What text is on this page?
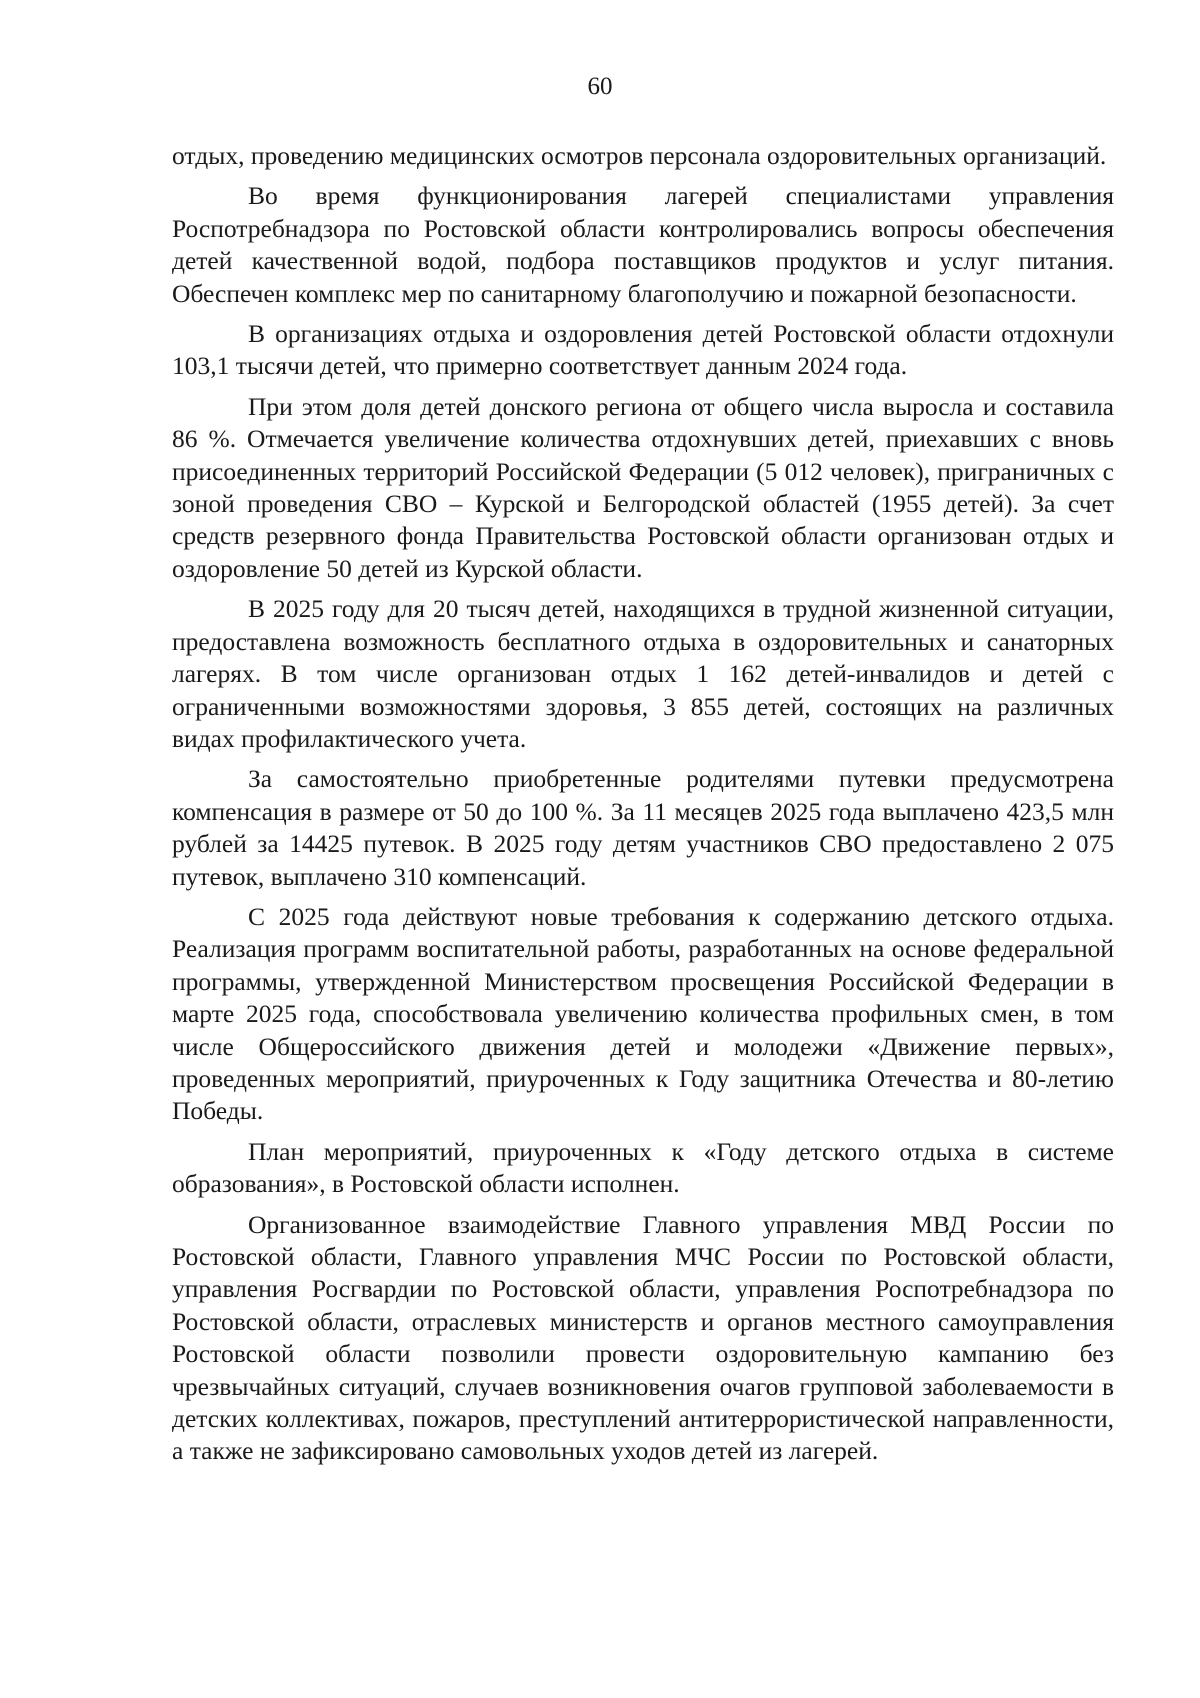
60

отдых, проведению медицинских осмотров персонала оздоровительных организаций.

Во время функционирования лагерей специалистами управления Роспотребнадзора по Ростовской области контролировались вопросы обеспечения детей качественной водой, подбора поставщиков продуктов и услуг питания. Обеспечен комплекс мер по санитарному благополучию и пожарной безопасности.

В организациях отдыха и оздоровления детей Ростовской области отдохнули 103,1 тысячи детей, что примерно соответствует данным 2024 года.

При этом доля детей донского региона от общего числа выросла и составила 86 %. Отмечается увеличение количества отдохнувших детей, приехавших с вновь присоединенных территорий Российской Федерации (5 012 человек), приграничных с зоной проведения СВО – Курской и Белгородской областей (1955 детей). За счет средств резервного фонда Правительства Ростовской области организован отдых и оздоровление 50 детей из Курской области.

В 2025 году для 20 тысяч детей, находящихся в трудной жизненной ситуации, предоставлена возможность бесплатного отдыха в оздоровительных и санаторных лагерях. В том числе организован отдых 1 162 детей-инвалидов и детей с ограниченными возможностями здоровья, 3 855 детей, состоящих на различных видах профилактического учета.

За самостоятельно приобретенные родителями путевки предусмотрена компенсация в размере от 50 до 100 %. За 11 месяцев 2025 года выплачено 423,5 млн рублей за 14425 путевок. В 2025 году детям участников СВО предоставлено 2 075 путевок, выплачено 310 компенсаций.

С 2025 года действуют новые требования к содержанию детского отдыха. Реализация программ воспитательной работы, разработанных на основе федеральной программы, утвержденной Министерством просвещения Российской Федерации в марте 2025 года, способствовала увеличению количества профильных смен, в том числе Общероссийского движения детей и молодежи «Движение первых», проведенных мероприятий, приуроченных к Году защитника Отечества и 80-летию Победы.

План мероприятий, приуроченных к «Году детского отдыха в системе образования», в Ростовской области исполнен.

Организованное взаимодействие Главного управления МВД России по Ростовской области, Главного управления МЧС России по Ростовской области, управления Росгвардии по Ростовской области, управления Роспотребнадзора по Ростовской области, отраслевых министерств и органов местного самоуправления Ростовской области позволили провести оздоровительную кампанию без чрезвычайных ситуаций, случаев возникновения очагов групповой заболеваемости в детских коллективах, пожаров, преступлений антитеррористической направленности, а также не зафиксировано самовольных уходов детей из лагерей.
